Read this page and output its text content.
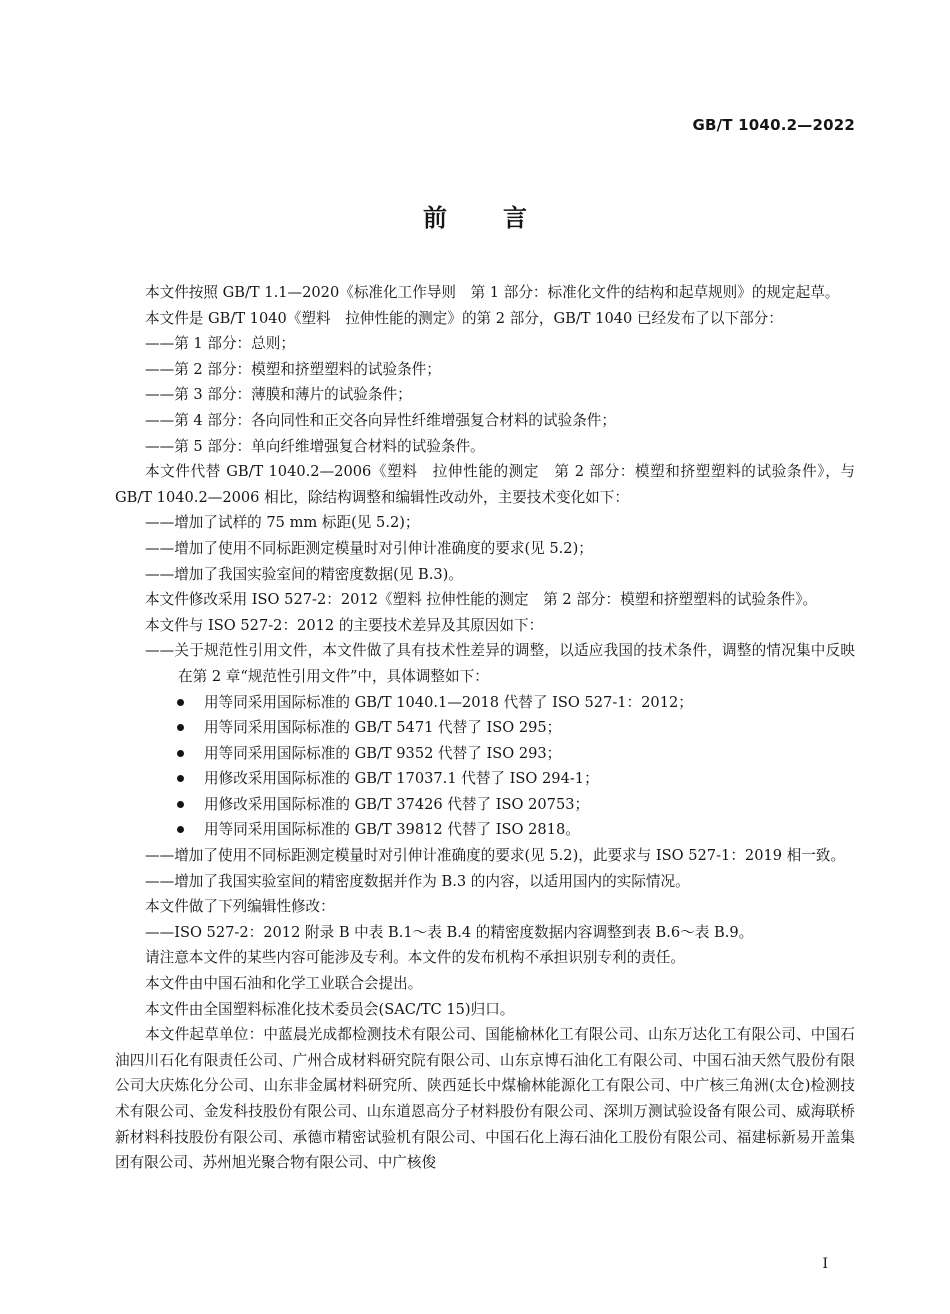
GB/T 1040.2—2022
前 言

本文件按照 GB/T 1.1—2020《标准化工作导则　第 1 部分：标准化文件的结构和起草规则》的规定起草。

本文件是 GB/T 1040《塑料　拉伸性能的测定》的第 2 部分，GB/T 1040 已经发布了以下部分：

——第 1 部分：总则；

——第 2 部分：模塑和挤塑塑料的试验条件；

——第 3 部分：薄膜和薄片的试验条件；

——第 4 部分：各向同性和正交各向异性纤维增强复合材料的试验条件；

——第 5 部分：单向纤维增强复合材料的试验条件。

本文件代替 GB/T 1040.2—2006《塑料　拉伸性能的测定　第 2 部分：模塑和挤塑塑料的试验条件》，与 GB/T 1040.2—2006 相比，除结构调整和编辑性改动外，主要技术变化如下：

——增加了试样的 75 mm 标距(见 5.2)；

——增加了使用不同标距测定模量时对引伸计准确度的要求(见 5.2)；

——增加了我国实验室间的精密度数据(见 B.3)。

本文件修改采用 ISO 527-2：2012《塑料 拉伸性能的测定　第 2 部分：模塑和挤塑塑料的试验条件》。

本文件与 ISO 527-2：2012 的主要技术差异及其原因如下：

——关于规范性引用文件，本文件做了具有技术性差异的调整，以适应我国的技术条件，调整的情况集中反映在第 2 章“规范性引用文件”中，具体调整如下：

用等同采用国际标准的 GB/T 1040.1—2018 代替了 ISO 527-1：2012；

用等同采用国际标准的 GB/T 5471 代替了 ISO 295；

用等同采用国际标准的 GB/T 9352 代替了 ISO 293；

用修改采用国际标准的 GB/T 17037.1 代替了 ISO 294-1；

用修改采用国际标准的 GB/T 37426 代替了 ISO 20753；

用等同采用国际标准的 GB/T 39812 代替了 ISO 2818。

——增加了使用不同标距测定模量时对引伸计准确度的要求(见 5.2)，此要求与 ISO 527-1：2019 相一致。

——增加了我国实验室间的精密度数据并作为 B.3 的内容，以适用国内的实际情况。

本文件做了下列编辑性修改：

——ISO 527-2：2012 附录 B 中表 B.1～表 B.4 的精密度数据内容调整到表 B.6～表 B.9。

请注意本文件的某些内容可能涉及专利。本文件的发布机构不承担识别专利的责任。

本文件由中国石油和化学工业联合会提出。

本文件由全国塑料标准化技术委员会(SAC/TC 15)归口。

本文件起草单位：中蓝晨光成都检测技术有限公司、国能榆林化工有限公司、山东万达化工有限公司、中国石油四川石化有限责任公司、广州合成材料研究院有限公司、山东京博石油化工有限公司、中国石油天然气股份有限公司大庆炼化分公司、山东非金属材料研究所、陕西延长中煤榆林能源化工有限公司、中广核三角洲(太仓)检测技术有限公司、金发科技股份有限公司、山东道恩高分子材料股份有限公司、深圳万测试验设备有限公司、威海联桥新材料科技股份有限公司、承德市精密试验机有限公司、中国石化上海石油化工股份有限公司、福建标新易开盖集团有限公司、苏州旭光聚合物有限公司、中广核俊

I
